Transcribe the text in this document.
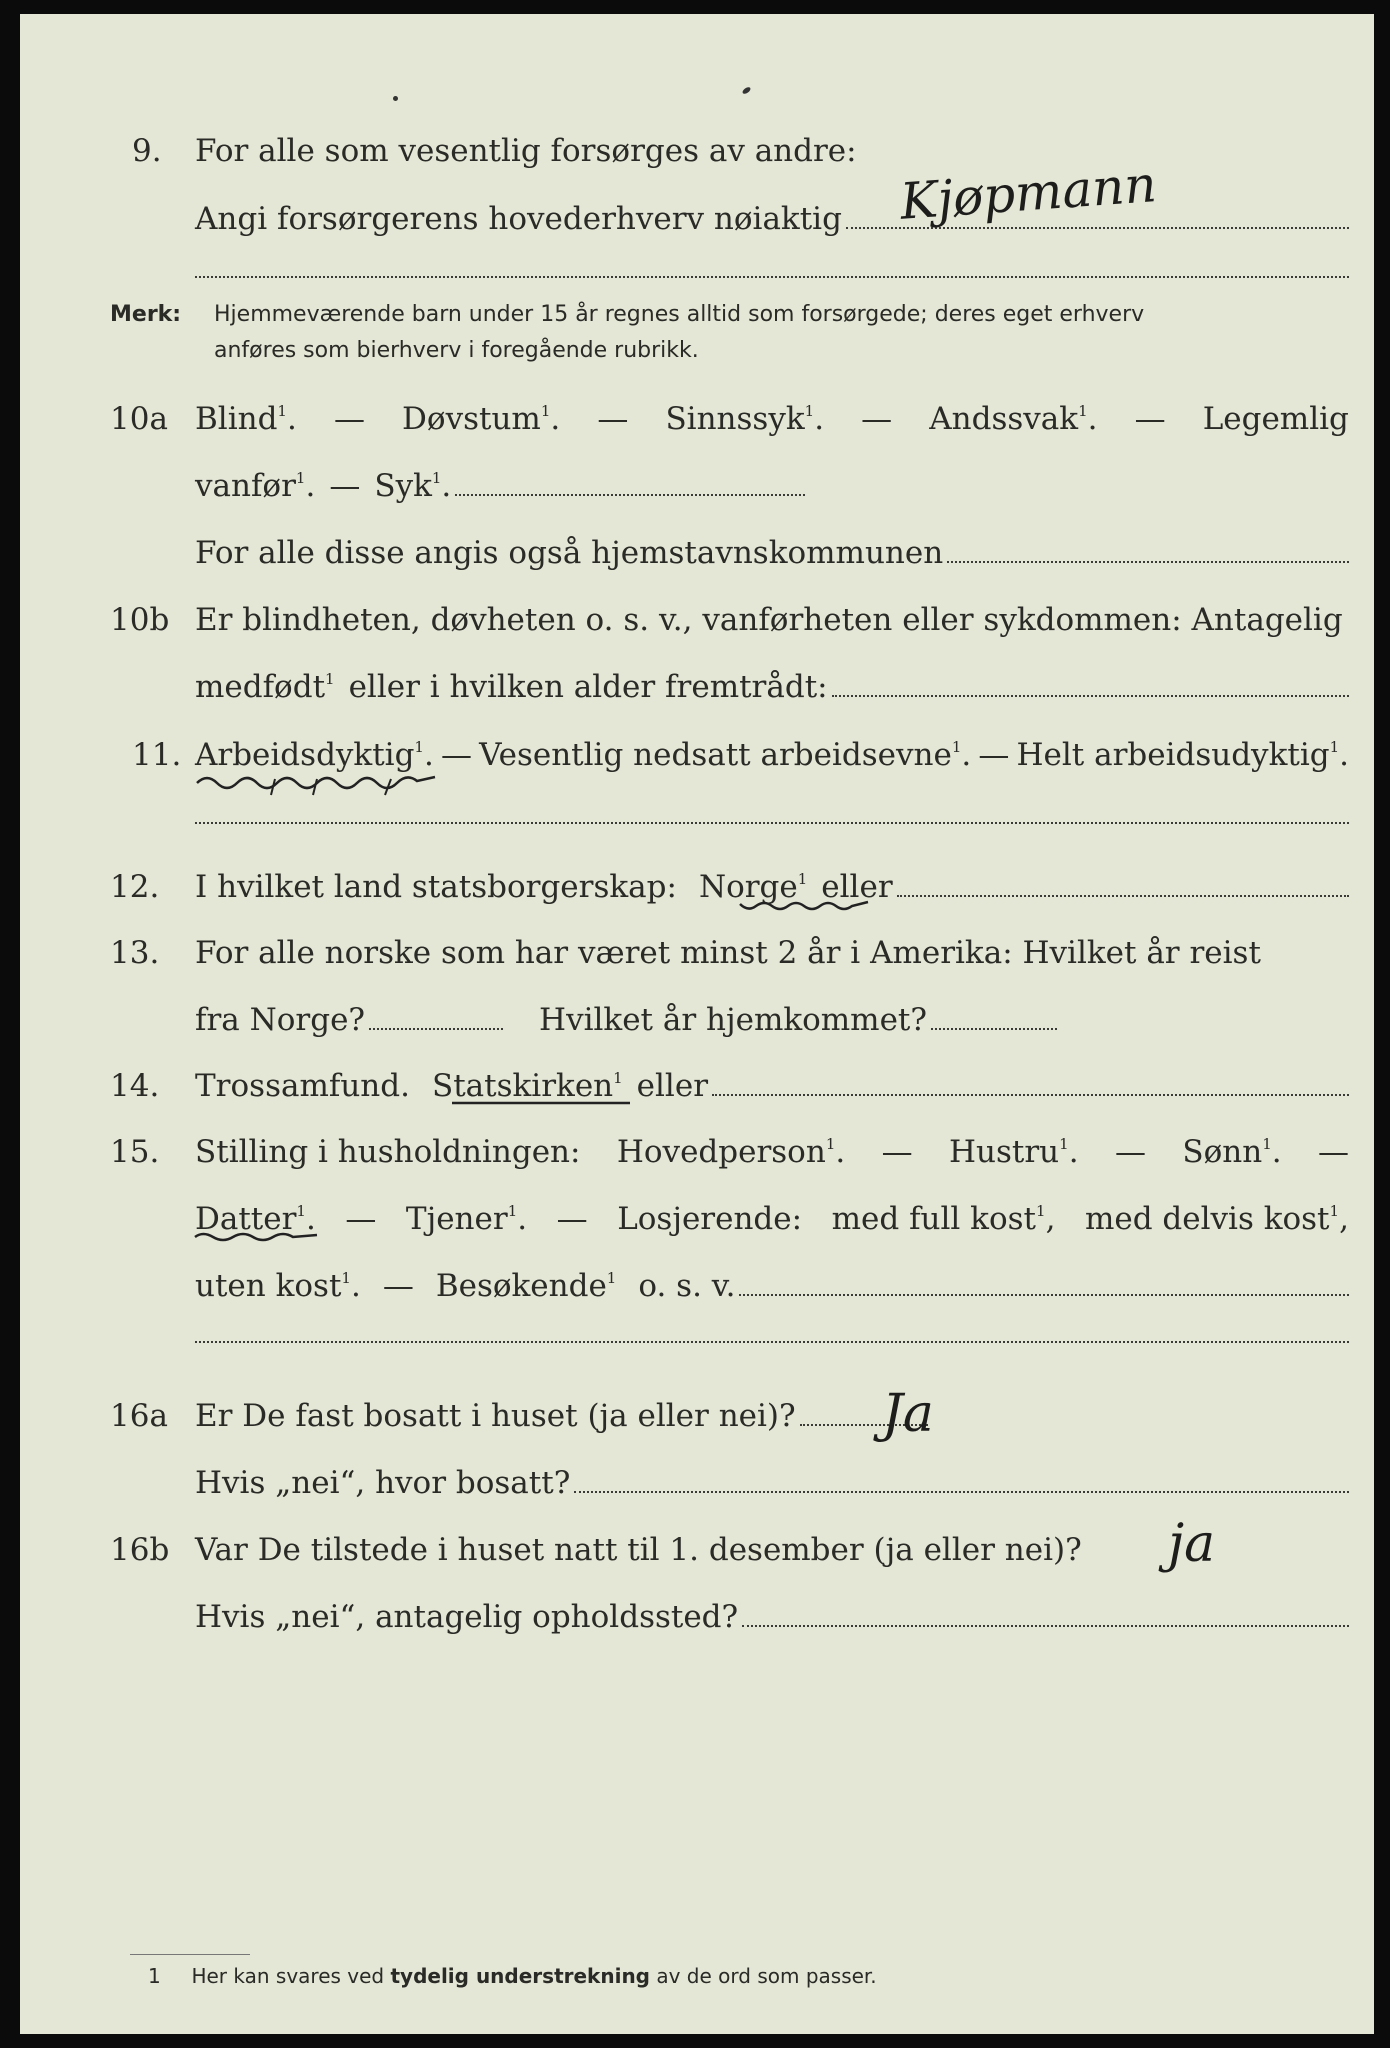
9. For alle som vesentlig forsørges av andre:
Angi forsørgerens hovederhverv nøiaktig Kjøpmann
Merk: Hjemmeværende barn under 15 år regnes alltid som forsørgede; deres eget erhverv
anføres som bierhverv i foregående rubrikk.
10a Blind$^1$. — Døvstum$^1$. — Sinnssyk$^1$. — Andssvak$^1$. — Legemlig
vanfør$^1$. — Syk$^1$.
For alle disse angis også hjemstavnskommunen
10b Er blindheten, døvheten o. s. v., vanførheten eller sykdommen: Antagelig
medfødt$^1$ eller i hvilken alder fremtrådt:
11. Arbeidsdyktig$^1$. — Vesentlig nedsatt arbeidsevne$^1$. — Helt arbeidsudyktig$^1$.
12. I hvilket land statsborgerskap: Norge$^1$ eller
13. For alle norske som har været minst 2 år i Amerika: Hvilket år reist
fra Norge?	Hvilket år hjemkommet?
14. Trossamfund. Statskirken$^1$ eller
15. Stilling i husholdningen: Hovedperson$^1$. — Hustru$^1$. — Sønn$^1$. —
Datter$^1$. — Tjener$^1$. — Losjerende: med full kost$^1$, med delvis kost$^1$,
uten kost$^1$. — Besøkende$^1$ o. s. v.
16a Er De fast bosatt i huset (ja eller nei)? Ja
Hvis „nei“, hvor bosatt?
16b Var De tilstede i huset natt til 1. desember (ja eller nei)? ja
Hvis „nei“, antagelig opholdssted?
1 Her kan svares ved tydelig understrekning av de ord som passer.
